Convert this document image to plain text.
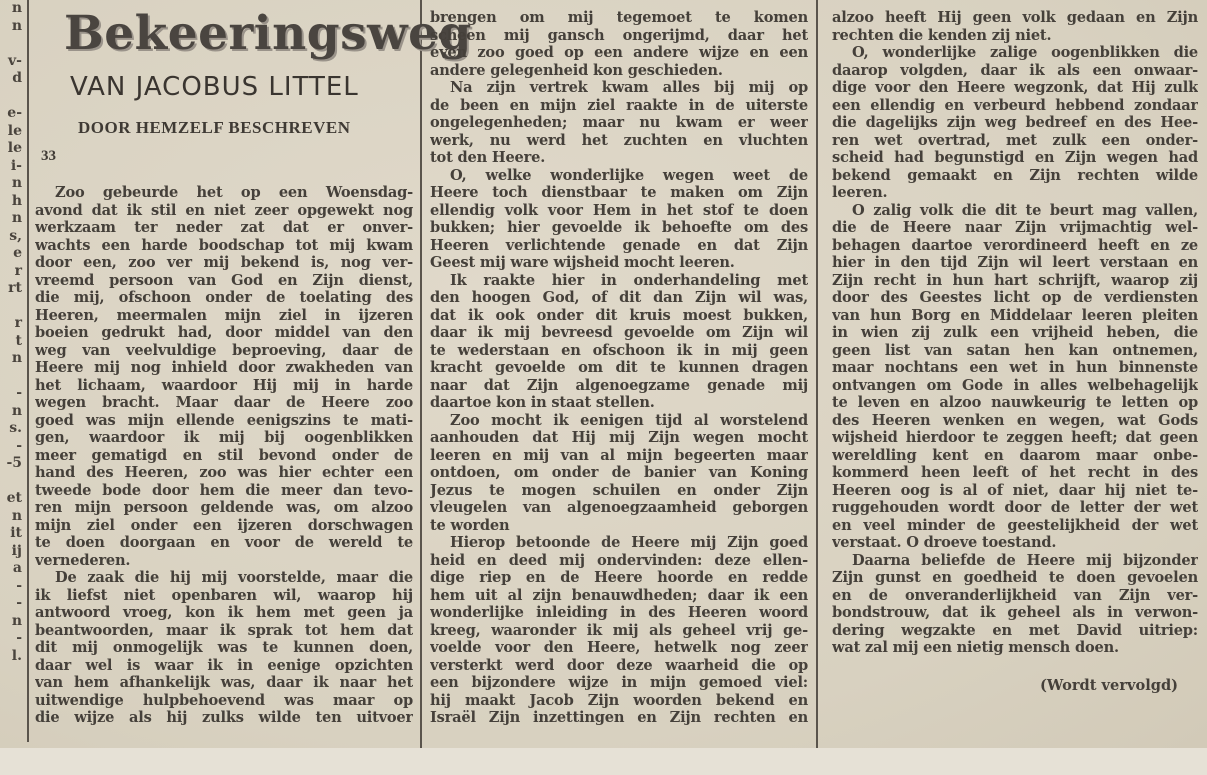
n
n
v-
d
e-
le
le
i-
n
h
n
s,
e
r
rt
r
t
n
-
n
s.
-
-5
et
n
it
ij
a
-
-
n
-
l.
Bekeeringsweg
VAN JACOBUS LITTEL
DOOR HEMZELF BESCHREVEN
33
Zoo gebeurde het op een Woensdag-
avond dat ik stil en niet zeer opgewekt nog
werkzaam ter neder zat dat er onver-
wachts een harde boodschap tot mij kwam
door een, zoo ver mij bekend is, nog ver-
vreemd persoon van God en Zijn dienst,
die mij, ofschoon onder de toelating des
Heeren, meermalen mijn ziel in ijzeren
boeien gedrukt had, door middel van den
weg van veelvuldige beproeving, daar de
Heere mij nog inhield door zwakheden van
het lichaam, waardoor Hij mij in harde
wegen bracht. Maar daar de Heere zoo
goed was mijn ellende eenigszins te mati-
gen, waardoor ik mij bij oogenblikken
meer gematigd en stil bevond onder de
hand des Heeren, zoo was hier echter een
tweede bode door hem die meer dan tevo-
ren mijn persoon geldende was, om alzoo
mijn ziel onder een ijzeren dorschwagen
te doen doorgaan en voor de wereld te
vernederen.
De zaak die hij mij voorstelde, maar die
ik liefst niet openbaren wil, waarop hij
antwoord vroeg, kon ik hem met geen ja
beantwoorden, maar ik sprak tot hem dat
dit mij onmogelijk was te kunnen doen,
daar wel is waar ik in eenige opzichten
van hem afhankelijk was, daar ik naar het
uitwendige hulpbehoevend was maar op
die wijze als hij zulks wilde ten uitvoer
brengen om mij tegemoet te komen
scheen mij gansch ongerijmd, daar het
even zoo goed op een andere wijze en een
andere gelegenheid kon geschieden.
Na zijn vertrek kwam alles bij mij op
de been en mijn ziel raakte in de uiterste
ongelegenheden; maar nu kwam er weer
werk, nu werd het zuchten en vluchten
tot den Heere.
O, welke wonderlijke wegen weet de
Heere toch dienstbaar te maken om Zijn
ellendig volk voor Hem in het stof te doen
bukken; hier gevoelde ik behoefte om des
Heeren verlichtende genade en dat Zijn
Geest mij ware wijsheid mocht leeren.
Ik raakte hier in onderhandeling met
den hoogen God, of dit dan Zijn wil was,
dat ik ook onder dit kruis moest bukken,
daar ik mij bevreesd gevoelde om Zijn wil
te wederstaan en ofschoon ik in mij geen
kracht gevoelde om dit te kunnen dragen
naar dat Zijn algenoegzame genade mij
daartoe kon in staat stellen.
Zoo mocht ik eenigen tijd al worstelend
aanhouden dat Hij mij Zijn wegen mocht
leeren en mij van al mijn begeerten maar
ontdoen, om onder de banier van Koning
Jezus te mogen schuilen en onder Zijn
vleugelen van algenoegzaamheid geborgen
te worden
Hierop betoonde de Heere mij Zijn goed
heid en deed mij ondervinden: deze ellen-
dige riep en de Heere hoorde en redde
hem uit al zijn benauwdheden; daar ik een
wonderlijke inleiding in des Heeren woord
kreeg, waaronder ik mij als geheel vrij ge-
voelde voor den Heere, hetwelk nog zeer
versterkt werd door deze waarheid die op
een bijzondere wijze in mijn gemoed viel:
hij maakt Jacob Zijn woorden bekend en
Israël Zijn inzettingen en Zijn rechten en
alzoo heeft Hij geen volk gedaan en Zijn
rechten die kenden zij niet.
O, wonderlijke zalige oogenblikken die
daarop volgden, daar ik als een onwaar-
dige voor den Heere wegzonk, dat Hij zulk
een ellendig en verbeurd hebbend zondaar
die dagelijks zijn weg bedreef en des Hee-
ren wet overtrad, met zulk een onder-
scheid had begunstigd en Zijn wegen had
bekend gemaakt en Zijn rechten wilde
leeren.
O zalig volk die dit te beurt mag vallen,
die de Heere naar Zijn vrijmachtig wel-
behagen daartoe verordineerd heeft en ze
hier in den tijd Zijn wil leert verstaan en
Zijn recht in hun hart schrijft, waarop zij
door des Geestes licht op de verdiensten
van hun Borg en Middelaar leeren pleiten
in wien zij zulk een vrijheid heben, die
geen list van satan hen kan ontnemen,
maar nochtans een wet in hun binnenste
ontvangen om Gode in alles welbehagelijk
te leven en alzoo nauwkeurig te letten op
des Heeren wenken en wegen, wat Gods
wijsheid hierdoor te zeggen heeft; dat geen
wereldling kent en daarom maar onbe-
kommerd heen leeft of het recht in des
Heeren oog is al of niet, daar hij niet te-
ruggehouden wordt door de letter der wet
en veel minder de geestelijkheid der wet
verstaat. O droeve toestand.
Daarna beliefde de Heere mij bijzonder
Zijn gunst en goedheid te doen gevoelen
en de onveranderlijkheid van Zijn ver-
bondstrouw, dat ik geheel als in verwon-
dering wegzakte en met David uitriep:
wat zal mij een nietig mensch doen.
(Wordt vervolgd)
